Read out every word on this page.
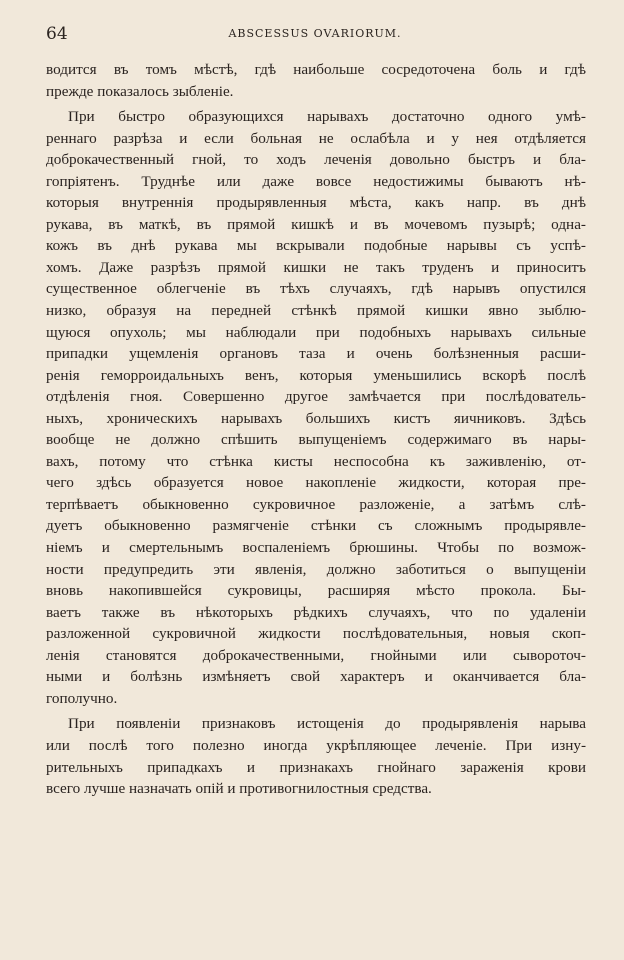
64	ABSCESSUS OVARIORUM.
водится въ томъ мѣстѣ, гдѣ наибольше сосредоточена боль и гдѣ
прежде показалось зыбленіе.
При быстро образующихся нарывахъ достаточно одного умѣ-
реннаго разрѣза и если больная не ослабѣла и у нея отдѣляется
доброкачественный гной, то ходъ леченія довольно быстръ и бла-
гопріятенъ. Труднѣе или даже вовсе недостижимы бываютъ нѣ-
которыя внутреннія продырявленныя мѣста, какъ напр. въ днѣ
рукава, въ маткѣ, въ прямой кишкѣ и въ мочевомъ пузырѣ; одна-
кожъ въ днѣ рукава мы вскрывали подобные нарывы съ успѣ-
хомъ. Даже разрѣзъ прямой кишки не такъ труденъ и приноситъ
существенное облегченіе въ тѣхъ случаяхъ, гдѣ нарывъ опустился
низко, образуя на передней стѣнкѣ прямой кишки явно зыблю-
щуюся опухоль; мы наблюдали при подобныхъ нарывахъ сильные
припадки ущемленія органовъ таза и очень болѣзненныя расши-
ренія геморроидальныхъ венъ, которыя уменьшились вскорѣ послѣ
отдѣленія гноя. Совершенно другое замѣчается при послѣдователь-
ныхъ, хроническихъ нарывахъ большихъ кистъ яичниковъ. Здѣсь
вообще не должно спѣшить выпущеніемъ содержимаго въ нары-
вахъ, потому что стѣнка кисты неспособна къ заживленію, от-
чего здѣсь образуется новое накопленіе жидкости, которая пре-
терпѣваетъ обыкновенно сукровичное разложеніе, а затѣмъ слѣ-
дуетъ обыкновенно размягченіе стѣнки съ сложнымъ продырявле-
ніемъ и смертельнымъ воспаленіемъ брюшины. Чтобы по возмож-
ности предупредить эти явленія, должно заботиться о выпущеніи
вновь накопившейся сукровицы, расширяя мѣсто прокола. Бы-
ваетъ также въ нѣкоторыхъ рѣдкихъ случаяхъ, что по удаленіи
разложенной сукровичной жидкости послѣдовательныя, новыя скоп-
ленія становятся доброкачественными, гнойными или сывороточ-
ными и болѣзнь измѣняетъ свой характеръ и оканчивается бла-
гополучно.
При появленіи признаковъ истощенія до продырявленія нарыва
или послѣ того полезно иногда укрѣпляющее леченіе. При изну-
рительныхъ припадкахъ и признакахъ гнойнаго зараженія крови
всего лучше назначать опій и противогнилостныя средства.
